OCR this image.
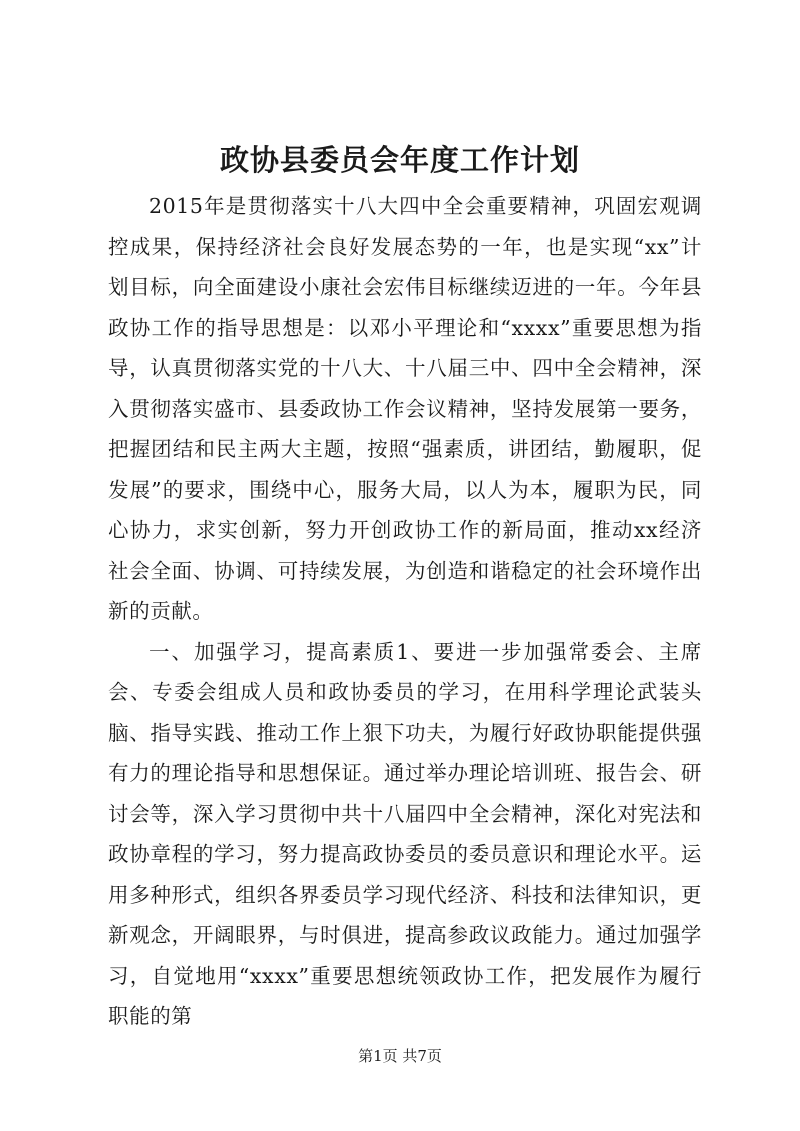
政协县委员会年度工作计划

2015年是贯彻落实十八大四中全会重要精神，巩固宏观调控成果，保持经济社会良好发展态势的一年，也是实现“xx”计划目标，向全面建设小康社会宏伟目标继续迈进的一年。今年县政协工作的指导思想是：以邓小平理论和“xxxx”重要思想为指导，认真贯彻落实党的十八大、十八届三中、四中全会精神，深入贯彻落实盛市、县委政协工作会议精神，坚持发展第一要务，把握团结和民主两大主题，按照“强素质，讲团结，勤履职，促发展”的要求，围绕中心，服务大局，以人为本，履职为民，同心协力，求实创新，努力开创政协工作的新局面，推动xx经济社会全面、协调、可持续发展，为创造和谐稳定的社会环境作出新的贡献。

一、加强学习，提高素质1、要进一步加强常委会、主席会、专委会组成人员和政协委员的学习，在用科学理论武装头脑、指导实践、推动工作上狠下功夫，为履行好政协职能提供强有力的理论指导和思想保证。通过举办理论培训班、报告会、研讨会等，深入学习贯彻中共十八届四中全会精神，深化对宪法和政协章程的学习，努力提高政协委员的委员意识和理论水平。运用多种形式，组织各界委员学习现代经济、科技和法律知识，更新观念，开阔眼界，与时俱进，提高参政议政能力。通过加强学习，自觉地用“xxxx”重要思想统领政协工作，把发展作为履行职能的第

第1页 共7页
